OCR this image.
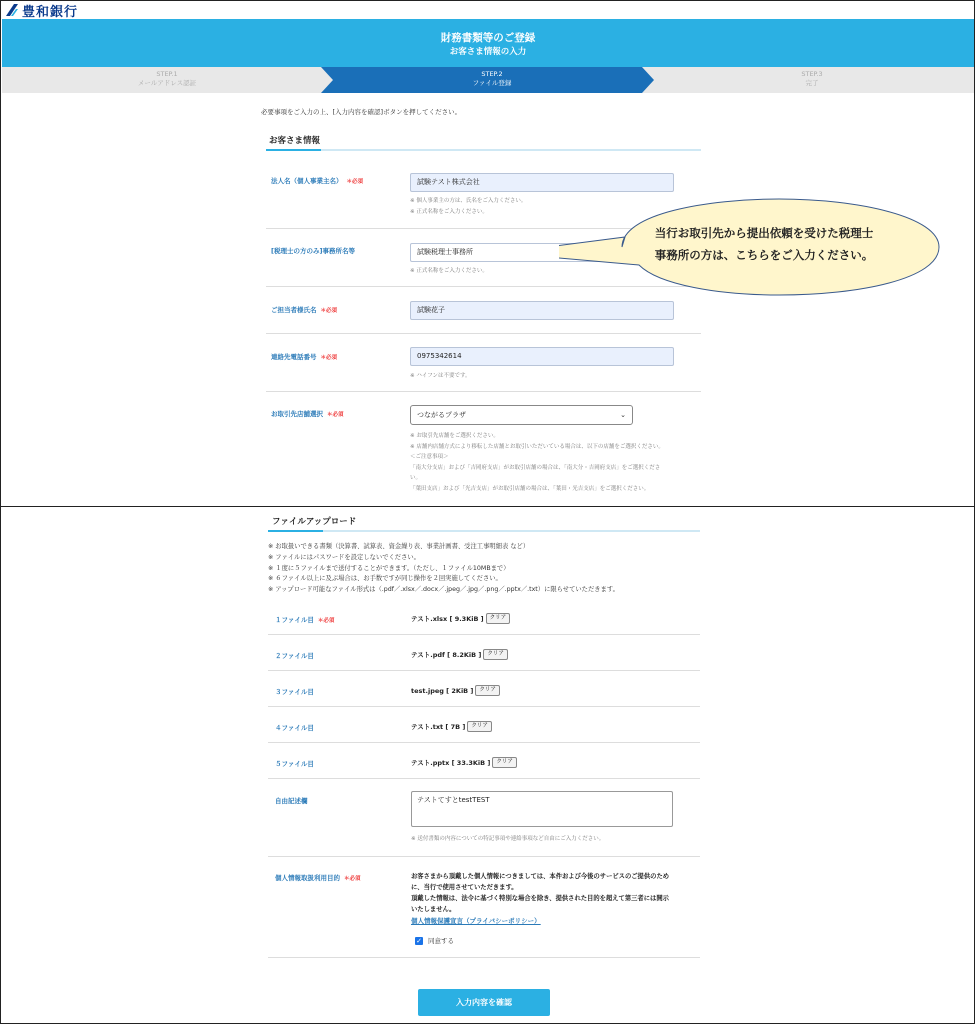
豊和銀行
財務書類等のご登録
お客さま情報の入力
STEP.1
メールアドレス認証
STEP.2
ファイル登録
STEP.3
完了
必要事項をご入力の上、[入力内容を確認]ボタンを押してください。
お客さま情報
法人名（個人事業主名） ＊必須	試験テスト株式会社
※ 個人事業主の方は、氏名をご入力ください。
※ 正式名称をご入力ください。
[税理士の方のみ]事務所名等	試験税理士事務所
※ 正式名称をご入力ください。
ご担当者様氏名 ＊必須	試験花子
連絡先電話番号 ＊必須	0975342614
※ ハイフンは不要です。
お取引先店舗選択 ＊必須	つながるプラザ	⌄
※ お取引先店舗をご選択ください。
※ 店舗内店舗方式により移転した店舗とお取引いただいている場合は、以下の店舗をご選択ください。
＜ご注意事項＞
「南大分支店」および「吉岡府支店」がお取引店舗の場合は、「南大分・吉岡府支店」をご選択くださ
い。
「葉田支店」および「光吉支店」がお取引店舗の場合は、「葉田・光吉支店」をご選択ください。
当行お取引先から提出依頼を受けた税理士
事務所の方は、こちらをご入力ください。
ファイルアップロード
※ お取扱いできる書類（決算書、試算表、資金繰り表、事業計画書、受注工事明細表 など）
※ ファイルにはパスワードを設定しないでください。
※ １度に５ファイルまで送付することができます。（ただし、１ファイル10MBまで）
※ ６ファイル以上に及ぶ場合は、お手数ですが同じ操作を２回実施してください。
※ アップロード可能なファイル形式は（.pdf／.xlsx／.docx／.jpeg／.jpg／.png／.pptx／.txt）に限らせていただきます。
１ファイル目 ＊必須	テスト.xlsx [ 9.3KiB ]	クリア
２ファイル目	テスト.pdf [ 8.2KiB ]	クリア
３ファイル目	test.jpeg [ 2KiB ]	クリア
４ファイル目	テスト.txt [ 7B ]	クリア
５ファイル目	テスト.pptx [ 33.3KiB ]	クリア
自由記述欄	テストてすとtestTEST
※ 送付書類の内容についての特記事項や連絡事項など自由にご入力ください。
個人情報取扱利用目的 ＊必須	お客さまから頂戴した個人情報につきましては、本件および今後のサービスのご提供のため
に、当行で使用させていただきます。
頂戴した情報は、法令に基づく特別な場合を除き、提供された目的を超えて第三者には開示
いたしません。
個人情報保護宣言（プライバシーポリシー）
✓ 同意する
入力内容を確認
